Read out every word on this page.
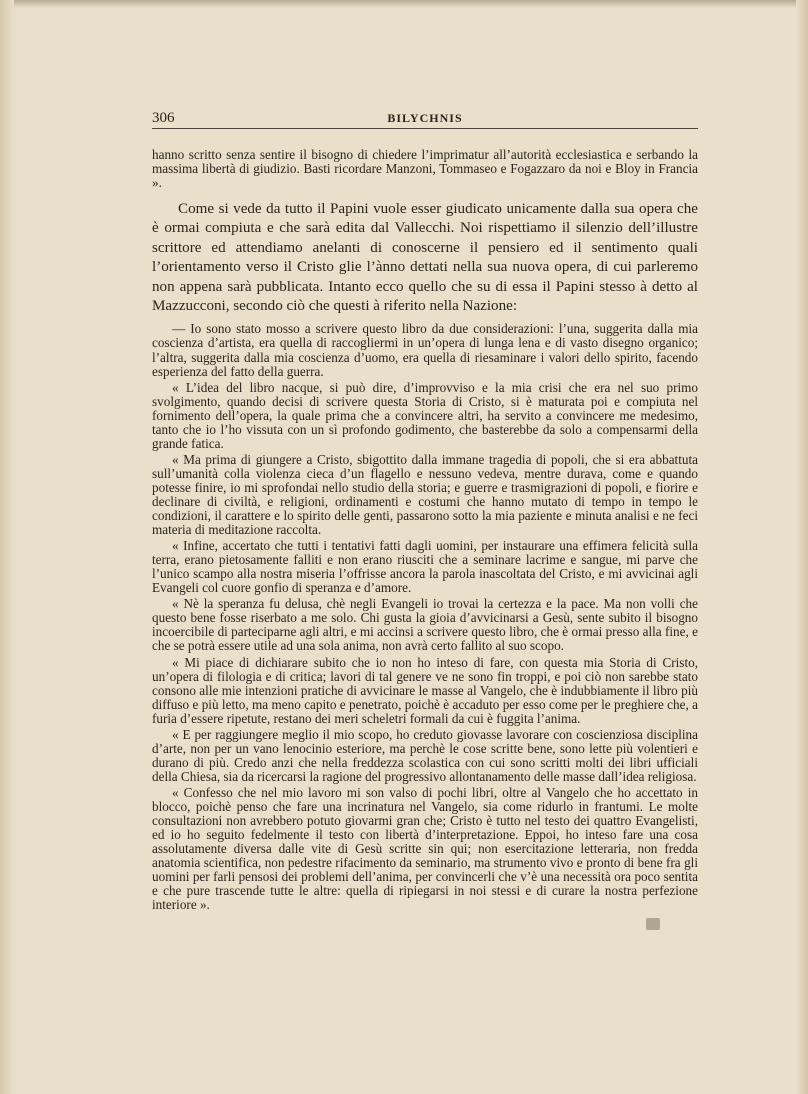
306	BILYCHNIS

hanno scritto senza sentire il bisogno di chiedere l’imprimatur all’autorità ecclesiastica e serbando la massima libertà di giudizio. Basti ricordare Manzoni, Tommaseo e Fogazzaro da noi e Bloy in Francia ».

Come si vede da tutto il Papini vuole esser giudicato unicamente dalla sua opera che è ormai compiuta e che sarà edita dal Vallecchi. Noi rispettiamo il silenzio dell’illustre scrittore ed attendiamo anelanti di conoscerne il pensiero ed il sentimento quali l’orientamento verso il Cristo glie l’ànno dettati nella sua nuova opera, di cui parleremo non appena sarà pubblicata. Intanto ecco quello che su di essa il Papini stesso à detto al Mazzucconi, secondo ciò che questi à riferito nella Nazione:

— Io sono stato mosso a scrivere questo libro da due considerazioni: l’una, suggerita dalla mia coscienza d’artista, era quella di raccogliermi in un’opera di lunga lena e di vasto disegno organico; l’altra, suggerita dalla mia coscienza d’uomo, era quella di riesaminare i valori dello spirito, facendo esperienza del fatto della guerra.

« L’idea del libro nacque, si può dire, d’improvviso e la mia crisi che era nel suo primo svolgimento, quando decisi di scrivere questa Storia di Cristo, si è maturata poi e compiuta nel fornimento dell’opera, la quale prima che a convincere altri, ha servito a convincere me medesimo, tanto che io l’ho vissuta con un sì profondo godimento, che basterebbe da solo a compensarmi della grande fatica.

« Ma prima di giungere a Cristo, sbigottito dalla immane tragedia di popoli, che si era abbattuta sull’umanità colla violenza cieca d’un flagello e nessuno vedeva, mentre durava, come e quando potesse finire, io mi sprofondai nello studio della storia; e guerre e trasmigrazioni di popoli, e fiorire e declinare di civiltà, e religioni, ordinamenti e costumi che hanno mutato di tempo in tempo le condizioni, il carattere e lo spirito delle genti, passarono sotto la mia paziente e minuta analisi e ne feci materia di meditazione raccolta.

« Infine, accertato che tutti i tentativi fatti dagli uomini, per instaurare una effimera felicità sulla terra, erano pietosamente falliti e non erano riusciti che a seminare lacrime e sangue, mi parve che l’unico scampo alla nostra miseria l’offrisse ancora la parola inascoltata del Cristo, e mi avvicinai agli Evangeli col cuore gonfio di speranza e d’amore.

« Nè la speranza fu delusa, chè negli Evangeli io trovai la certezza e la pace. Ma non volli che questo bene fosse riserbato a me solo. Chi gusta la gioia d’avvicinarsi a Gesù, sente subito il bisogno incoercibile di parteciparne agli altri, e mi accinsi a scrivere questo libro, che è ormai presso alla fine, e che se potrà essere utile ad una sola anima, non avrà certo fallito al suo scopo.

« Mi piace di dichiarare subito che io non ho inteso di fare, con questa mia Storia di Cristo, un’opera di filologia e di critica; lavori di tal genere ve ne sono fin troppi, e poi ciò non sarebbe stato consono alle mie intenzioni pratiche di avvicinare le masse al Vangelo, che è indubbiamente il libro più diffuso e più letto, ma meno capito e penetrato, poichè è accaduto per esso come per le preghiere che, a furia d’essere ripetute, restano dei meri scheletri formali da cui è fuggita l’anima.

« E per raggiungere meglio il mio scopo, ho creduto giovasse lavorare con coscienziosa disciplina d’arte, non per un vano lenocinio esteriore, ma perchè le cose scritte bene, sono lette più volentieri e durano di più. Credo anzi che nella freddezza scolastica con cui sono scritti molti dei libri ufficiali della Chiesa, sia da ricercarsi la ragione del progressivo allontanamento delle masse dall’idea religiosa.

« Confesso che nel mio lavoro mi son valso di pochi libri, oltre al Vangelo che ho accettato in blocco, poichè penso che fare una incrinatura nel Vangelo, sia come ridurlo in frantumi. Le molte consultazioni non avrebbero potuto giovarmi gran che; Cristo è tutto nel testo dei quattro Evangelisti, ed io ho seguito fedelmente il testo con libertà d’interpretazione. Eppoi, ho inteso fare una cosa assolutamente diversa dalle vite di Gesù scritte sin qui; non esercitazione letteraria, non fredda anatomia scientifica, non pedestre rifacimento da seminario, ma strumento vivo e pronto di bene fra gli uomini per farli pensosi dei problemi dell’anima, per convincerli che v’è una necessità ora poco sentita e che pure trascende tutte le altre: quella di ripiegarsi in noi stessi e di curare la nostra perfezione interiore ».
